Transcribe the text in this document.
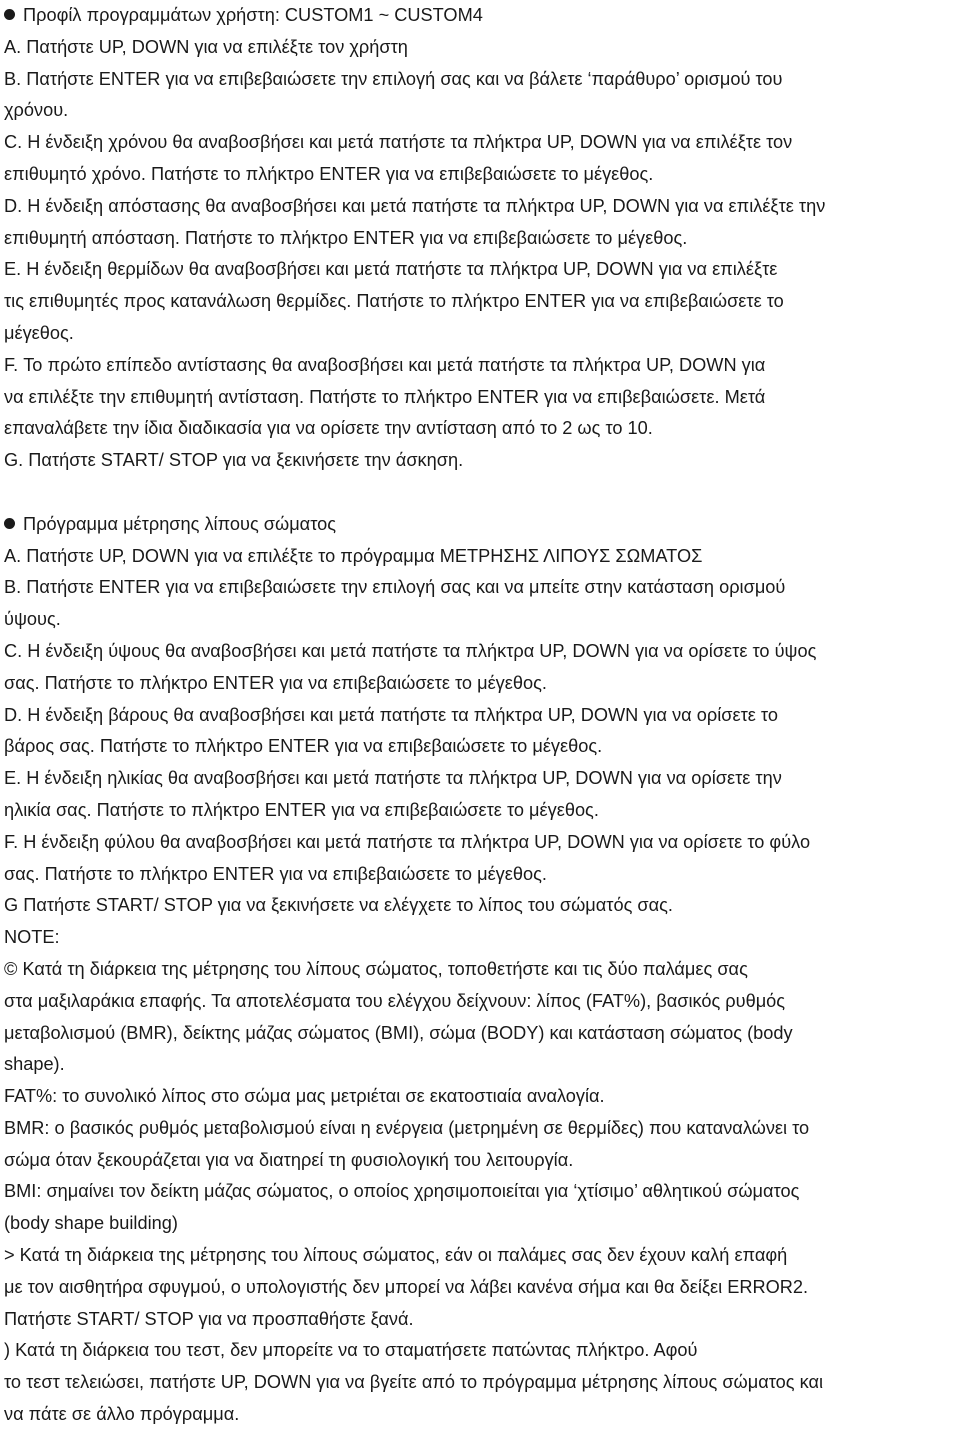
Προφίλ προγραμμάτων χρήστη: CUSTOM1 ~ CUSTOM4
A. Πατήστε UP, DOWN για να επιλέξτε τον χρήστη
B. Πατήστε ENTER για να επιβεβαιώσετε την επιλογή σας και να βάλετε ‘παράθυρο’ ορισμού του
χρόνου.
C. Η ένδειξη χρόνου θα αναβοσβήσει και μετά πατήστε τα πλήκτρα UP, DOWN για να επιλέξτε τον
επιθυμητό χρόνο. Πατήστε το πλήκτρο ENTER για να επιβεβαιώσετε το μέγεθος.
D. Η ένδειξη απόστασης θα αναβοσβήσει και μετά πατήστε τα πλήκτρα UP, DOWN για να επιλέξτε την
επιθυμητή απόσταση. Πατήστε το πλήκτρο ENTER για να επιβεβαιώσετε το μέγεθος.
E. Η ένδειξη θερμίδων θα αναβοσβήσει και μετά πατήστε τα πλήκτρα UP, DOWN για να επιλέξτε
τις επιθυμητές προς κατανάλωση θερμίδες. Πατήστε το πλήκτρο ENTER για να επιβεβαιώσετε το
μέγεθος.
F. Το πρώτο επίπεδο αντίστασης θα αναβοσβήσει και μετά πατήστε τα πλήκτρα UP, DOWN για
να επιλέξτε την επιθυμητή αντίσταση. Πατήστε το πλήκτρο ENTER για να επιβεβαιώσετε. Μετά
επαναλάβετε την ίδια διαδικασία για να ορίσετε την αντίσταση από το 2 ως το 10.
G. Πατήστε START/ STOP για να ξεκινήσετε την άσκηση.
Πρόγραμμα μέτρησης λίπους σώματος
A. Πατήστε UP, DOWN για να επιλέξτε το πρόγραμμα ΜΕΤΡΗΣΗΣ ΛΙΠΟΥΣ ΣΩΜΑΤΟΣ
B. Πατήστε ENTER για να επιβεβαιώσετε την επιλογή σας και να μπείτε στην κατάσταση ορισμού
ύψους.
C. Η ένδειξη ύψους θα αναβοσβήσει και μετά πατήστε τα πλήκτρα UP, DOWN για να ορίσετε το ύψος
σας. Πατήστε το πλήκτρο ENTER για να επιβεβαιώσετε το μέγεθος.
D. Η ένδειξη βάρους θα αναβοσβήσει και μετά πατήστε τα πλήκτρα UP, DOWN για να ορίσετε το
βάρος σας. Πατήστε το πλήκτρο ENTER για να επιβεβαιώσετε το μέγεθος.
E. Η ένδειξη ηλικίας θα αναβοσβήσει και μετά πατήστε τα πλήκτρα UP, DOWN για να ορίσετε την
ηλικία σας. Πατήστε το πλήκτρο ENTER για να επιβεβαιώσετε το μέγεθος.
F. Η ένδειξη φύλου θα αναβοσβήσει και μετά πατήστε τα πλήκτρα UP, DOWN για να ορίσετε το φύλο
σας. Πατήστε το πλήκτρο ENTER για να επιβεβαιώσετε το μέγεθος.
G Πατήστε START/ STOP για να ξεκινήσετε να ελέγχετε το λίπος του σώματός σας.
NOTE:
© Κατά τη διάρκεια της μέτρησης του λίπους σώματος, τοποθετήστε και τις δύο παλάμες σας
στα μαξιλαράκια επαφής. Τα αποτελέσματα του ελέγχου δείχνουν: λίπος (FAT%), βασικός ρυθμός
μεταβολισμού (BMR), δείκτης μάζας σώματος (BMI), σώμα (BODY) και κατάσταση σώματος (body
shape).
FAT%: το συνολικό λίπος στο σώμα μας μετριέται σε εκατοστιαία αναλογία.
BMR: ο βασικός ρυθμός μεταβολισμού είναι η ενέργεια (μετρημένη σε θερμίδες) που καταναλώνει το
σώμα όταν ξεκουράζεται για να διατηρεί τη φυσιολογική του λειτουργία.
BMI: σημαίνει τον δείκτη μάζας σώματος, ο οποίος χρησιμοποιείται για ‘χτίσιμο’ αθλητικού σώματος
(body shape building)
> Κατά τη διάρκεια της μέτρησης του λίπους σώματος, εάν οι παλάμες σας δεν έχουν καλή επαφή
με τον αισθητήρα σφυγμού, ο υπολογιστής δεν μπορεί να λάβει κανένα σήμα και θα δείξει ERROR2.
Πατήστε START/ STOP για να προσπαθήστε ξανά.
) Κατά τη διάρκεια του τεστ, δεν μπορείτε να το σταματήσετε πατώντας πλήκτρο. Αφού
το τεστ τελειώσει, πατήστε UP, DOWN για να βγείτε από το πρόγραμμα μέτρησης λίπους σώματος και
να πάτε σε άλλο πρόγραμμα.
